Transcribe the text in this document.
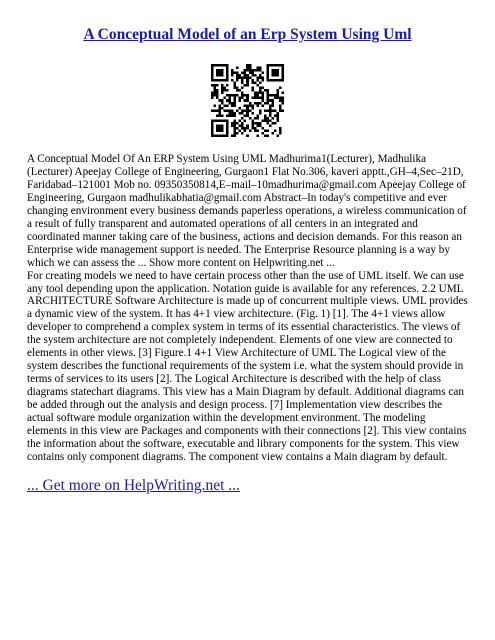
A Conceptual Model of an Erp System Using Uml

A Conceptual Model Of An ERP System Using UML Madhurima1(Lecturer), Madhulika (Lecturer) Apeejay College of Engineering, Gurgaon1 Flat No.306, kaveri apptt.,GH–4,Sec–21D, Faridabad–121001 Mob no. 09350350814,E–mail–10madhurima@gmail.com Apeejay College of Engineering, Gurgaon madhulikabhatia@gmail.com Abstract–In today's competitive and ever changing environment every business demands paperless operations, a wireless communication of a result of fully transparent and automated operations of all centers in an integrated and coordinated manner taking care of the business, actions and decision demands. For this reason an Enterprise wide management support is needed. The Enterprise Resource planning is a way by which we can assess the ... Show more content on Helpwriting.net ...

For creating models we need to have certain process other than the use of UML itself. We can use any tool depending upon the application. Notation guide is available for any references. 2.2 UML ARCHITECTURE Software Architecture is made up of concurrent multiple views. UML provides a dynamic view of the system. It has 4+1 view architecture. (Fig. 1) [1]. The 4+1 views allow developer to comprehend a complex system in terms of its essential characteristics. The views of the system architecture are not completely independent. Elements of one view are connected to elements in other views. [3] Figure.1 4+1 View Architecture of UML The Logical view of the system describes the functional requirements of the system i.e. what the system should provide in terms of services to its users [2]. The Logical Architecture is described with the help of class diagrams statechart diagrams. This view has a Main Diagram by default. Additional diagrams can be added through out the analysis and design process. [7] Implementation view describes the actual software module organization within the development environment. The modeling elements in this view are Packages and components with their connections [2]. This view contains the information about the software, executable and library components for the system. This view contains only component diagrams. The component view contains a Main diagram by default.

... Get more on HelpWriting.net ...
